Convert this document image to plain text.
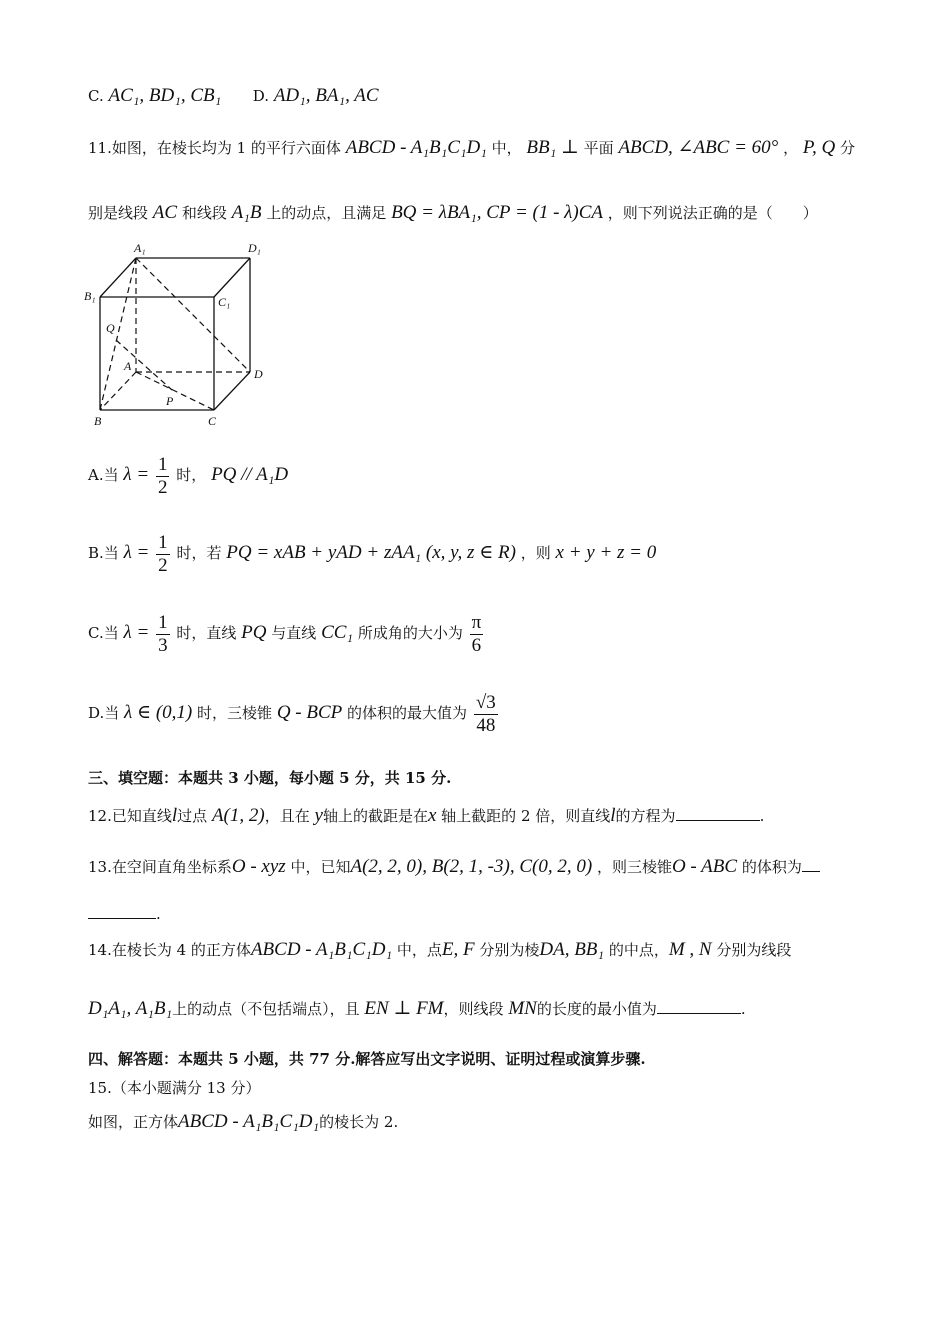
C. AC₁, BD₁, CB₁ D. AD₁, BA₁, AC
11.如图，在棱长均为 1 的平行六面体 ABCD - A₁B₁C₁D₁ 中， BB₁ ⊥ 平面 ABCD, ∠ABC = 60° ， P, Q 分
别是线段 AC 和线段 A₁B 上的动点，且满足 BQ = λBA₁, CP = (1 - λ)CA ，则下列说法正确的是（　　）
A₁	D₁
B₁	C₁
Q
A
D
P
B	C
A.当 $\lambda = \frac{1}{2}$ 时， PQ // A₁D
B.当 $\lambda = \frac{1}{2}$ 时，若 PQ = xAB + yAD + zAA₁ (x, y, z ∈ R) ，则 x + y + z = 0
C.当 $\lambda = \frac{1}{3}$ 时，直线 PQ 与直线 CC₁ 所成角的大小为 $\frac{\pi}{6}$
D.当 λ ∈ (0,1) 时，三棱锥 Q - BCP 的体积的最大值为 $\frac{√3}{48}$
三、填空题：本题共 3 小题，每小题 5 分，共 15 分.
12.已知直线l过点 A(1, 2)，且在 y轴上的截距是在x 轴上截距的 2 倍，则直线l的方程为	.
13.在空间直角坐标系O - xyz 中，已知A(2, 2, 0), B(2, 1, -3), C(0, 2, 0) ，则三棱锥O - ABC 的体积为
.
14.在棱长为 4 的正方体ABCD - A₁B₁C₁D₁ 中，点E, F 分别为棱DA, BB₁ 的中点，M , N 分别为线段
D₁A₁, A₁B₁上的动点（不包括端点），且 EN ⊥ FM，则线段 MN的长度的最小值为	.
四、解答题：本题共 5 小题，共 77 分.解答应写出文字说明、证明过程或演算步骤.
15.（本小题满分 13 分）
如图，正方体ABCD - A₁B₁C₁D₁的棱长为 2.
